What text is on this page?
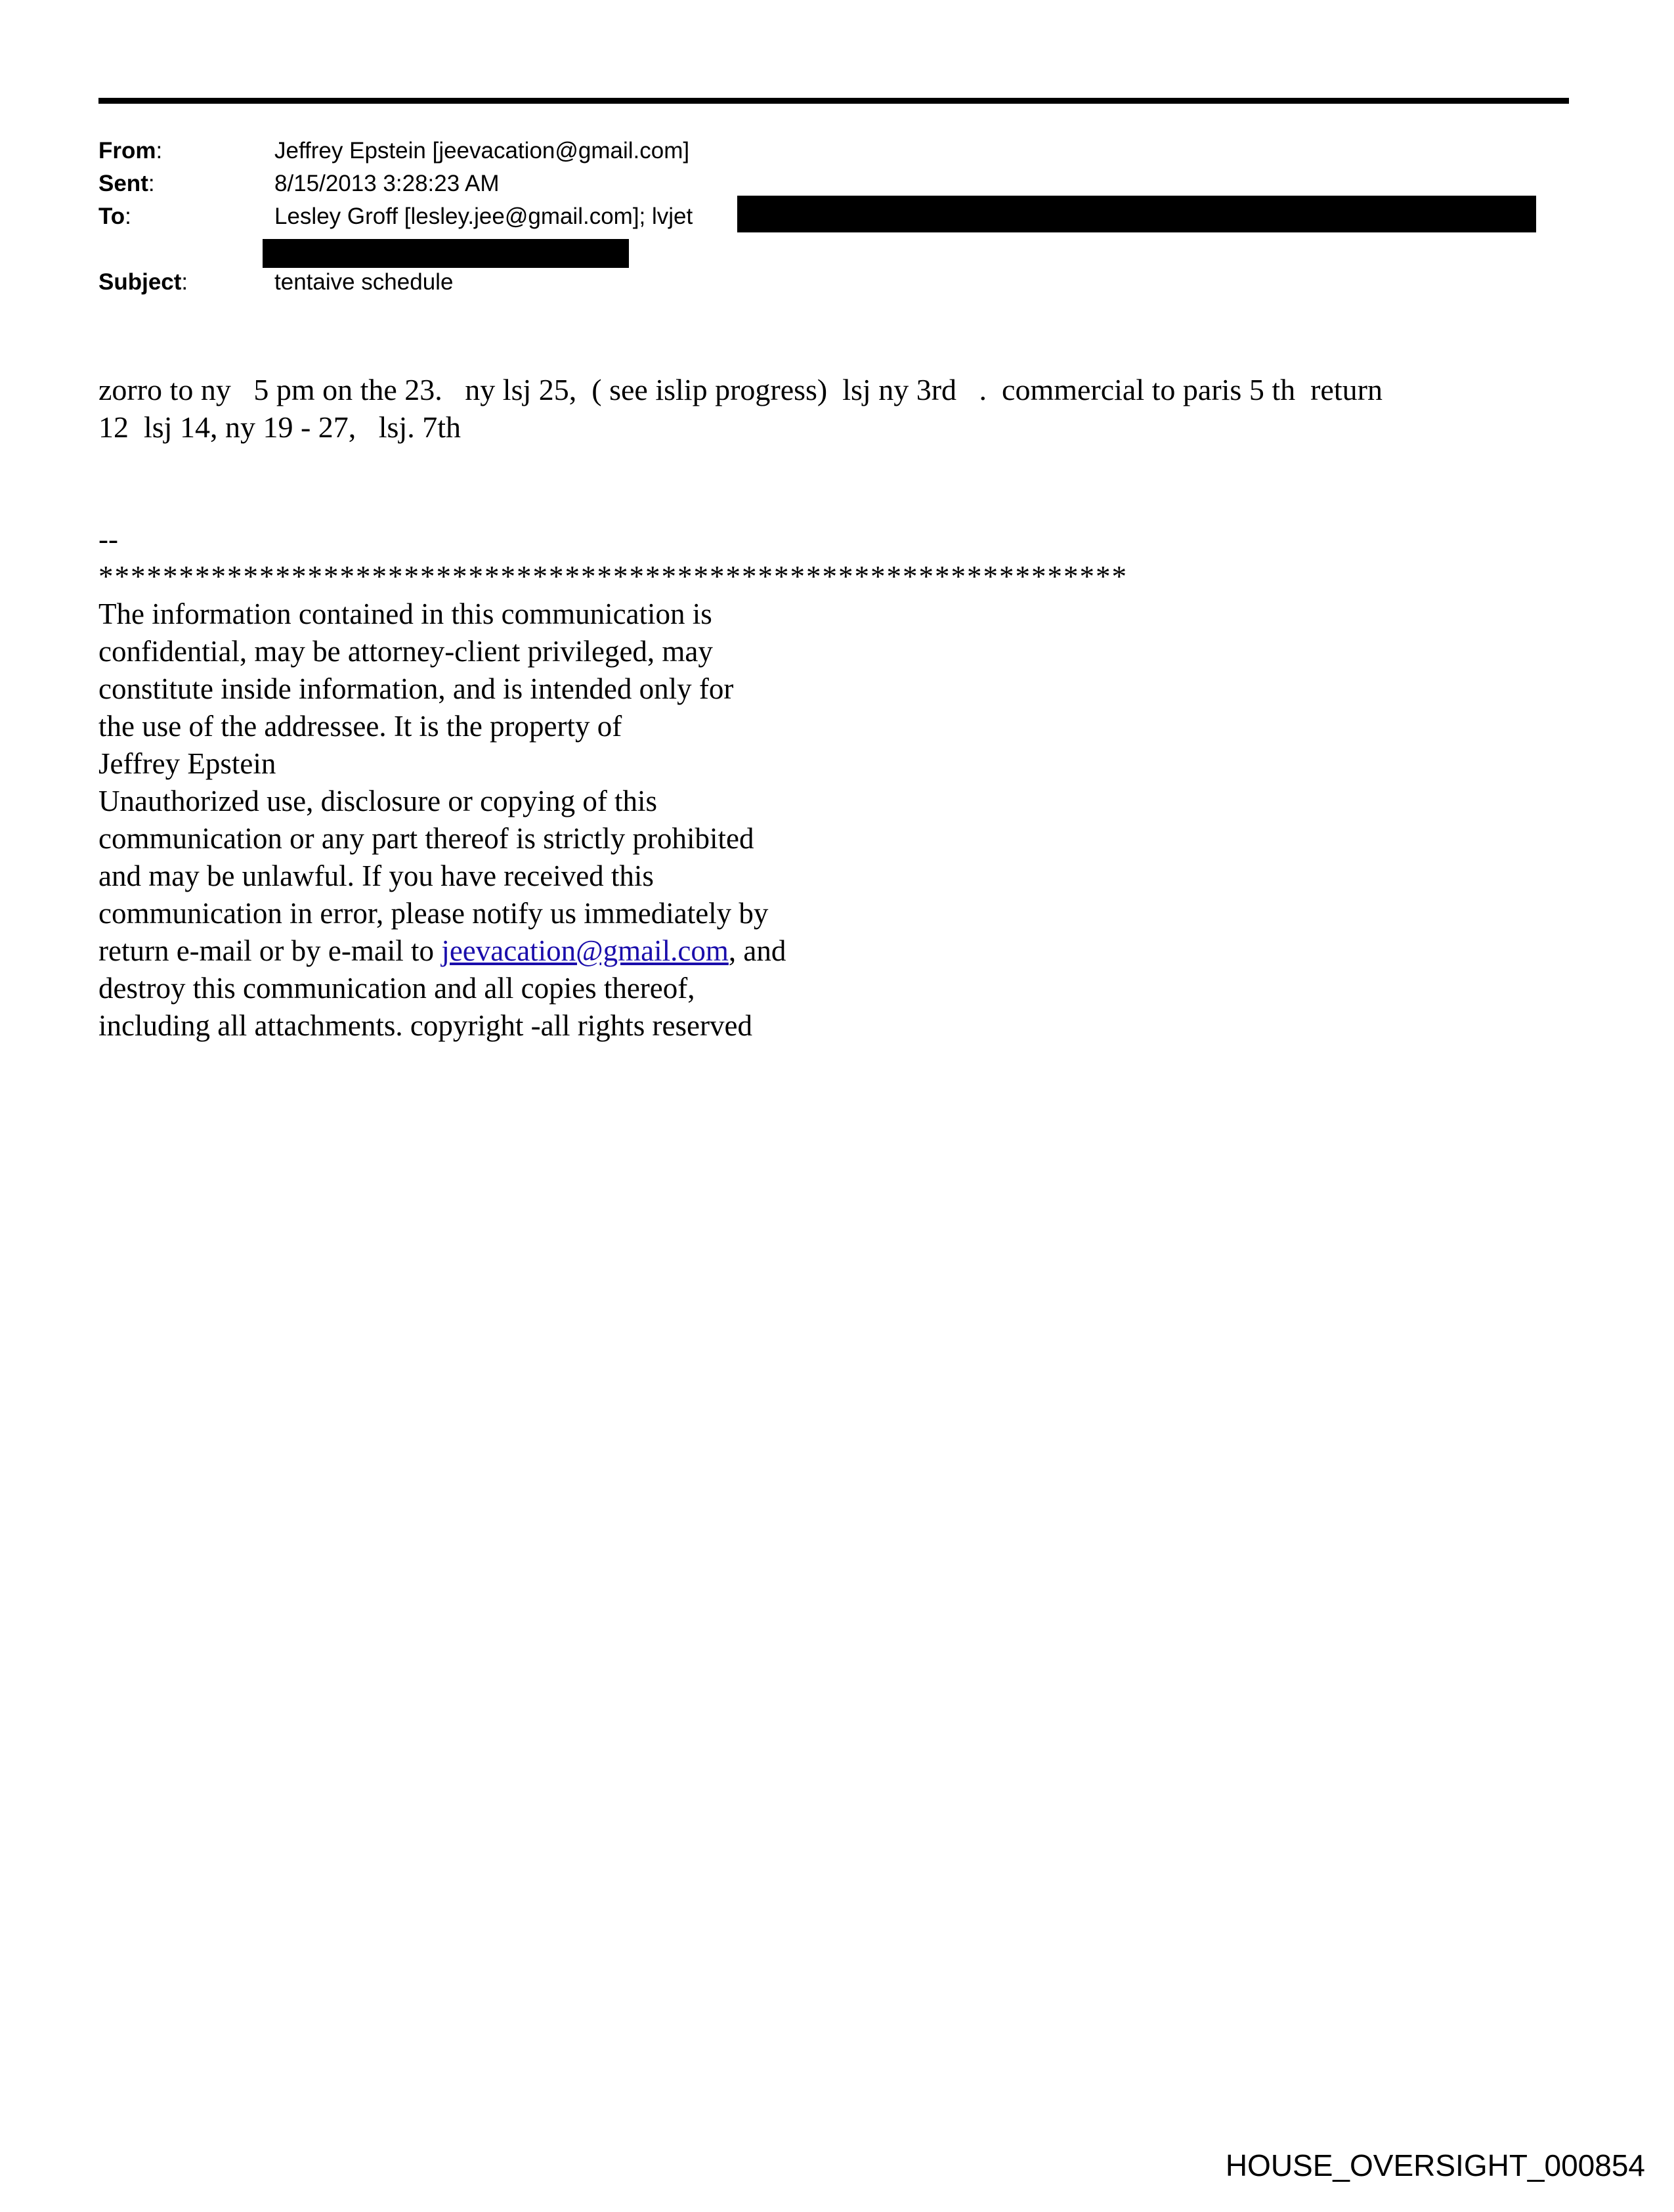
From:	Jeffrey Epstein [jeevacation@gmail.com]
Sent:	8/15/2013 3:28:23 AM
To:	Lesley Groff [lesley.jee@gmail.com]; lvjet
Subject:	tentaive schedule
zorro to ny   5 pm on the 23.   ny lsj 25,  ( see islip progress)  lsj ny 3rd   .  commercial to paris 5 th  return
12  lsj 14, ny 19 - 27,   lsj. 7th
--
****************************************************************
The information contained in this communication is
confidential, may be attorney-client privileged, may
constitute inside information, and is intended only for
the use of the addressee. It is the property of
Jeffrey Epstein
Unauthorized use, disclosure or copying of this
communication or any part thereof is strictly prohibited
and may be unlawful. If you have received this
communication in error, please notify us immediately by
return e-mail or by e-mail to jeevacation@gmail.com, and
destroy this communication and all copies thereof,
including all attachments. copyright -all rights reserved
HOUSE_OVERSIGHT_000854
